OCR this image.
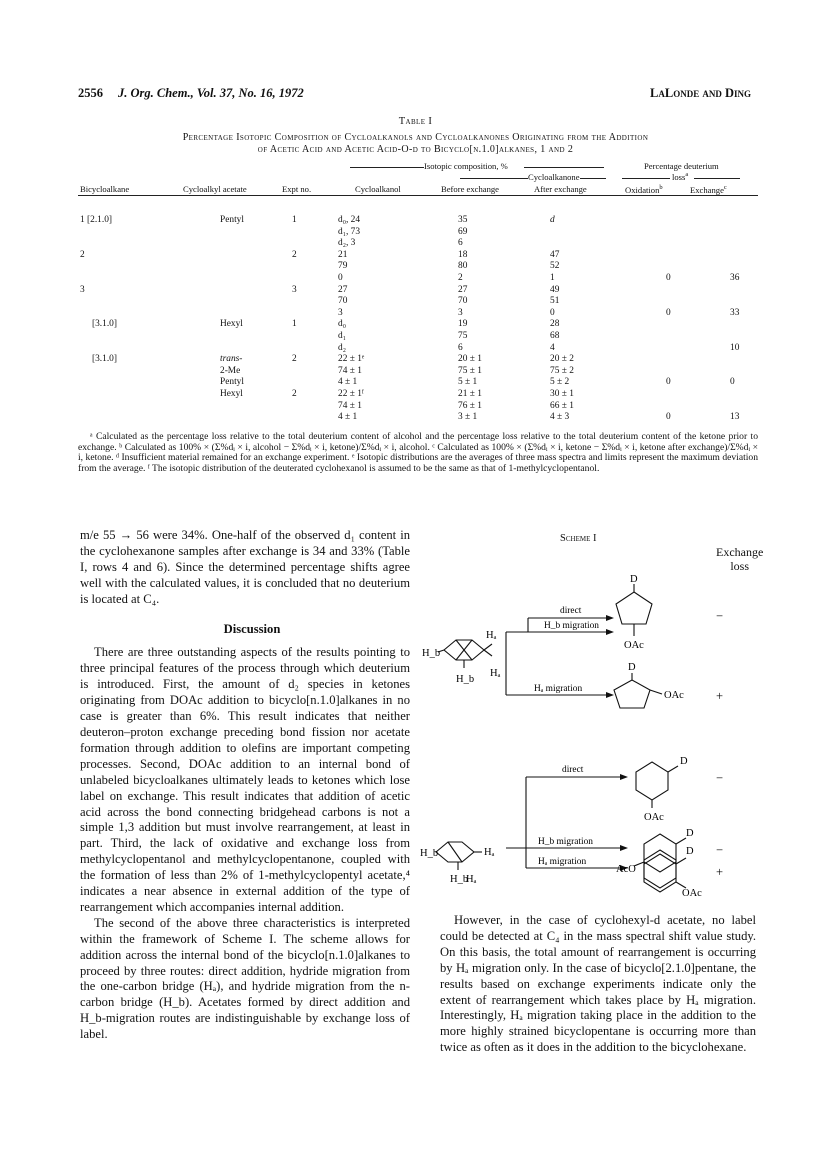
2556 J. Org. Chem., Vol. 37, No. 16, 1972	LaLonde and Ding
Table I
Percentage Isotopic Composition of Cycloalkanols and Cycloalkanones Originating from the Addition
of Acetic Acid and Acetic Acid-O-d to Bicyclo[n.1.0]alkanes, 1 and 2
Isotopic composition, %	Percentage deuterium
Cycloalkanone	loss$^a$
Bicycloalkane	Cycloalkyl acetate	Expt no.	Cycloalkanol	Before exchange	After exchange	Oxidation$^b$	Exchange$^c$
1 [2.1.0]	Pentyl	1	d₀, 24	35	d		
			d₁, 73	69			
			d₂, 3	6			
2		2	21	18	47		
			79	80	52		
			0	2	1	0	36
3		3	27	27	49		
			70	70	51		
			3	3	0	0	33
[3.1.0]	Hexyl	1	d₀	19	28		
			d₁	75	68		
			d₂	6	4		10
[3.1.0]	trans-	2	22 ± 1ᵉ	20 ± 1	20 ± 2		
	2-Me		74 ± 1	75 ± 1	75 ± 2		
	Pentyl		4 ± 1	5 ± 1	5 ± 2	0	0
	Hexyl	2	22 ± 1ᶠ	21 ± 1	30 ± 1		
			74 ± 1	76 ± 1	66 ± 1		
			4 ± 1	3 ± 1	4 ± 3	0	13
ᵃ Calculated as the percentage loss relative to the total deuterium content of alcohol and the percentage loss relative to the total deuterium content of the ketone prior to exchange. ᵇ Calculated as 100% × (Σ%dᵢ × i, alcohol − Σ%dᵢ × i, ketone)/Σ%dᵢ × i, alcohol. ᶜ Calculated as 100% × (Σ%dᵢ × i, ketone − Σ%dᵢ × i, ketone after exchange)/Σ%dᵢ × i, ketone. ᵈ Insufficient material remained for an exchange experiment. ᵉ Isotopic distributions are the averages of three mass spectra and limits represent the maximum deviation from the average. ᶠ The isotopic distribution of the deuterated cyclohexanol is assumed to be the same as that of 1-methylcyclopentanol.

m/e 55 → 56 were 34%. One-half of the observed d₁ content in the cyclohexanone samples after exchange is 34 and 33% (Table I, rows 4 and 6). Since the determined percentage shifts agree well with the calculated values, it is concluded that no deuterium is located at C₄.

Discussion

There are three outstanding aspects of the results pointing to three principal features of the process through which deuterium is introduced. First, the amount of d₂ species in ketones originating from DOAc addition to bicyclo[n.1.0]alkanes in no case is greater than 6%. This result indicates that neither deuteron–proton exchange preceding bond fission nor acetate formation through addition to olefins are important competing processes. Second, DOAc addition to an internal bond of unlabeled bicycloalkanes ultimately leads to ketones which lose label on exchange. This result indicates that addition of acetic acid across the bond connecting bridgehead carbons is not a simple 1,3 addition but must involve rearrangement, at least in part. Third, the lack of oxidative and exchange loss from methylcyclopentanol and methylcyclopentanone, coupled with the formation of less than 2% of 1-methylcyclopentyl acetate,⁴ indicates a near absence in external addition of the type of rearrangement which accompanies internal addition.

The second of the above three characteristics is interpreted within the framework of Scheme I. The scheme allows for addition across the internal bond of the bicyclo[n.1.0]alkanes to proceed by three routes: direct addition, hydride migration from the one-carbon bridge (Hₐ), and hydride migration from the n-carbon bridge (H_b). Acetates formed by direct addition and H_b-migration routes are indistinguishable by exchange loss of label.

Scheme I
Exchange
loss
direct
H_b migration
Hₐ migration
direct
H_b migration
Hₐ migration
Hₐ
Hₐ
H_b
H_b
D
OAc
D
OAc
Hₐ
H_b
H_b
Hₐ
D
OAc
D
AcO
−
+
−
−
D
OAc
+

However, in the case of cyclohexyl-d acetate, no label could be detected at C₄ in the mass spectral shift value study. On this basis, the total amount of rearrangement is occurring by Hₐ migration only. In the case of bicyclo[2.1.0]pentane, the results based on exchange experiments indicate only the extent of rearrangement which takes place by Hₐ migration. Interestingly, Hₐ migration taking place in the addition to the more highly strained bicyclopentane is occurring more than twice as often as it does in the addition to the bicyclohexane.
